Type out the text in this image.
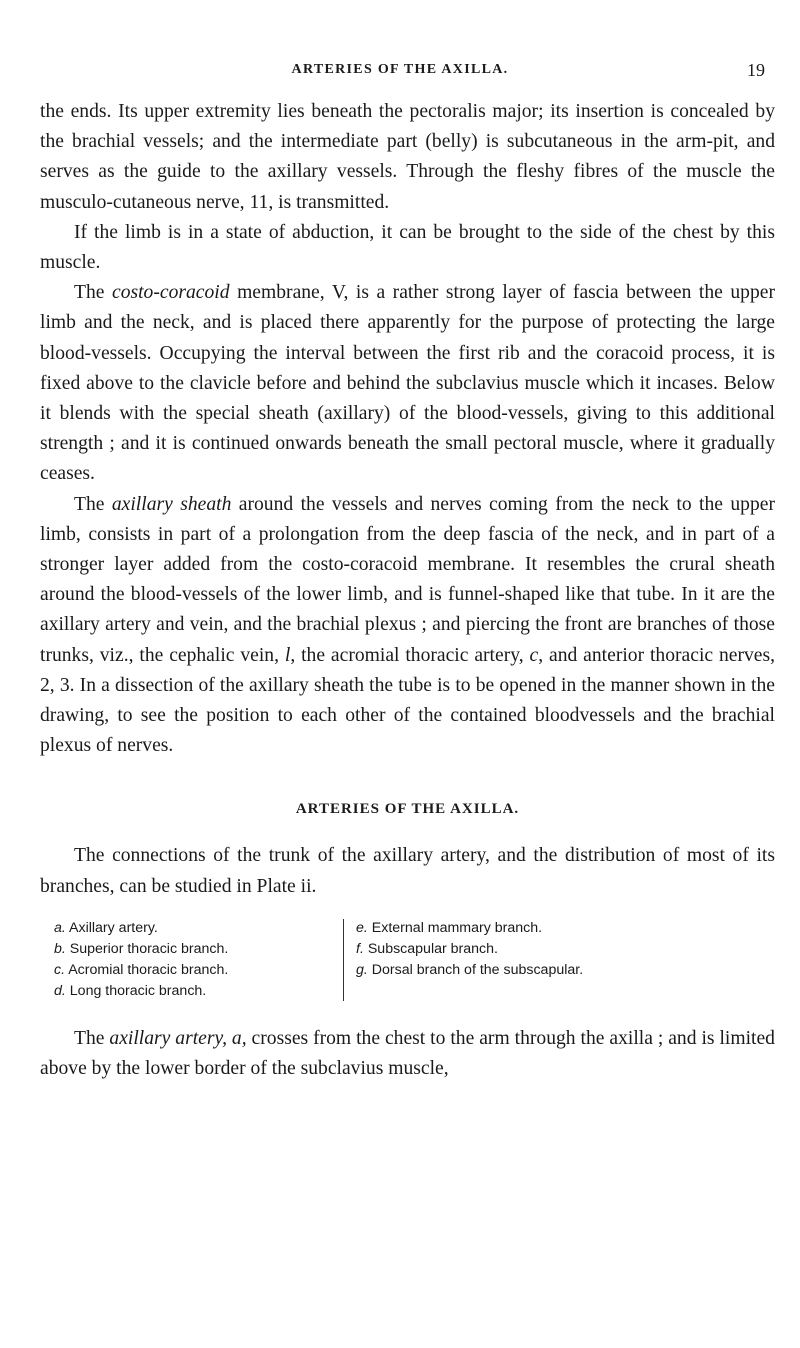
ARTERIES OF THE AXILLA.	19

the ends. Its upper extremity lies beneath the pectoralis major; its insertion is concealed by the brachial vessels; and the intermediate part (belly) is subcutaneous in the arm-pit, and serves as the guide to the axillary vessels. Through the fleshy fibres of the muscle the musculo-cutaneous nerve, 11, is transmitted.

If the limb is in a state of abduction, it can be brought to the side of the chest by this muscle.

The costo-coracoid membrane, V, is a rather strong layer of fascia between the upper limb and the neck, and is placed there apparently for the purpose of protecting the large blood-vessels. Occupying the interval between the first rib and the coracoid process, it is fixed above to the clavicle before and behind the subclavius muscle which it incases. Below it blends with the special sheath (axillary) of the blood-vessels, giving to this additional strength ; and it is continued onwards beneath the small pectoral muscle, where it gradually ceases.

The axillary sheath around the vessels and nerves coming from the neck to the upper limb, consists in part of a prolongation from the deep fascia of the neck, and in part of a stronger layer added from the costo-coracoid membrane. It resembles the crural sheath around the blood-vessels of the lower limb, and is funnel-shaped like that tube. In it are the axillary artery and vein, and the brachial plexus ; and piercing the front are branches of those trunks, viz., the cephalic vein, l, the acromial thoracic artery, c, and anterior thoracic nerves, 2, 3. In a dissection of the axillary sheath the tube is to be opened in the manner shown in the drawing, to see the position to each other of the contained bloodvessels and the brachial plexus of nerves.

ARTERIES OF THE AXILLA.

The connections of the trunk of the axillary artery, and the distribution of most of its branches, can be studied in Plate ii.

a. Axillary artery.
b. Superior thoracic branch.
c. Acromial thoracic branch.
d. Long thoracic branch.
e. External mammary branch.
f. Subscapular branch.
g. Dorsal branch of the subscapular.

The axillary artery, a, crosses from the chest to the arm through the axilla ; and is limited above by the lower border of the subclavius muscle,
